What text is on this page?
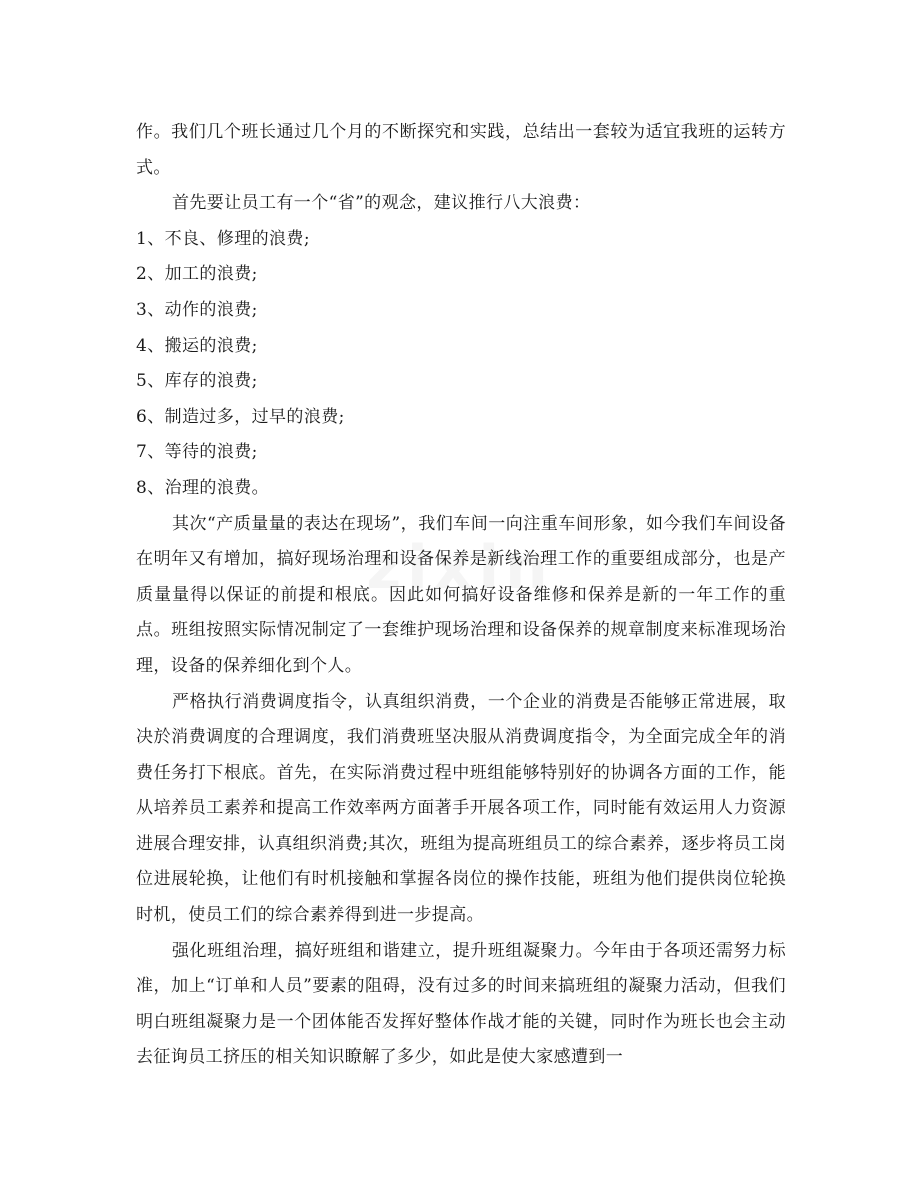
zixin

作。我们几个班长通过几个月的不断探究和实践，总结出一套较为适宜我班的运转方式。

首先要让员工有一个“省”的观念，建议推行八大浪费：

1、不良、修理的浪费;

2、加工的浪费;

3、动作的浪费;

4、搬运的浪费;

5、库存的浪费;

6、制造过多，过早的浪费;

7、等待的浪费;

8、治理的浪费。

其次“产质量量的表达在现场”，我们车间一向注重车间形象，如今我们车间设备在明年又有增加，搞好现场治理和设备保养是新线治理工作的重要组成部分，也是产质量量得以保证的前提和根底。因此如何搞好设备维修和保养是新的一年工作的重点。班组按照实际情况制定了一套维护现场治理和设备保养的规章制度来标准现场治理，设备的保养细化到个人。

严格执行消费调度指令，认真组织消费，一个企业的消费是否能够正常进展，取决於消费调度的合理调度，我们消费班坚决服从消费调度指令，为全面完成全年的消费任务打下根底。首先，在实际消费过程中班组能够特别好的协调各方面的工作，能从培养员工素养和提高工作效率两方面著手开展各项工作，同时能有效运用人力资源进展合理安排，认真组织消费;其次，班组为提高班组员工的综合素养，逐步将员工岗位进展轮换，让他们有时机接触和掌握各岗位的操作技能，班组为他们提供岗位轮换时机，使员工们的综合素养得到进一步提高。

强化班组治理，搞好班组和谐建立，提升班组凝聚力。今年由于各项还需努力标准，加上“订单和人员”要素的阻碍，没有过多的时间来搞班组的凝聚力活动，但我们明白班组凝聚力是一个团体能否发挥好整体作战才能的关键，同时作为班长也会主动去征询员工挤压的相关知识瞭解了多少，如此是使大家感遭到一
